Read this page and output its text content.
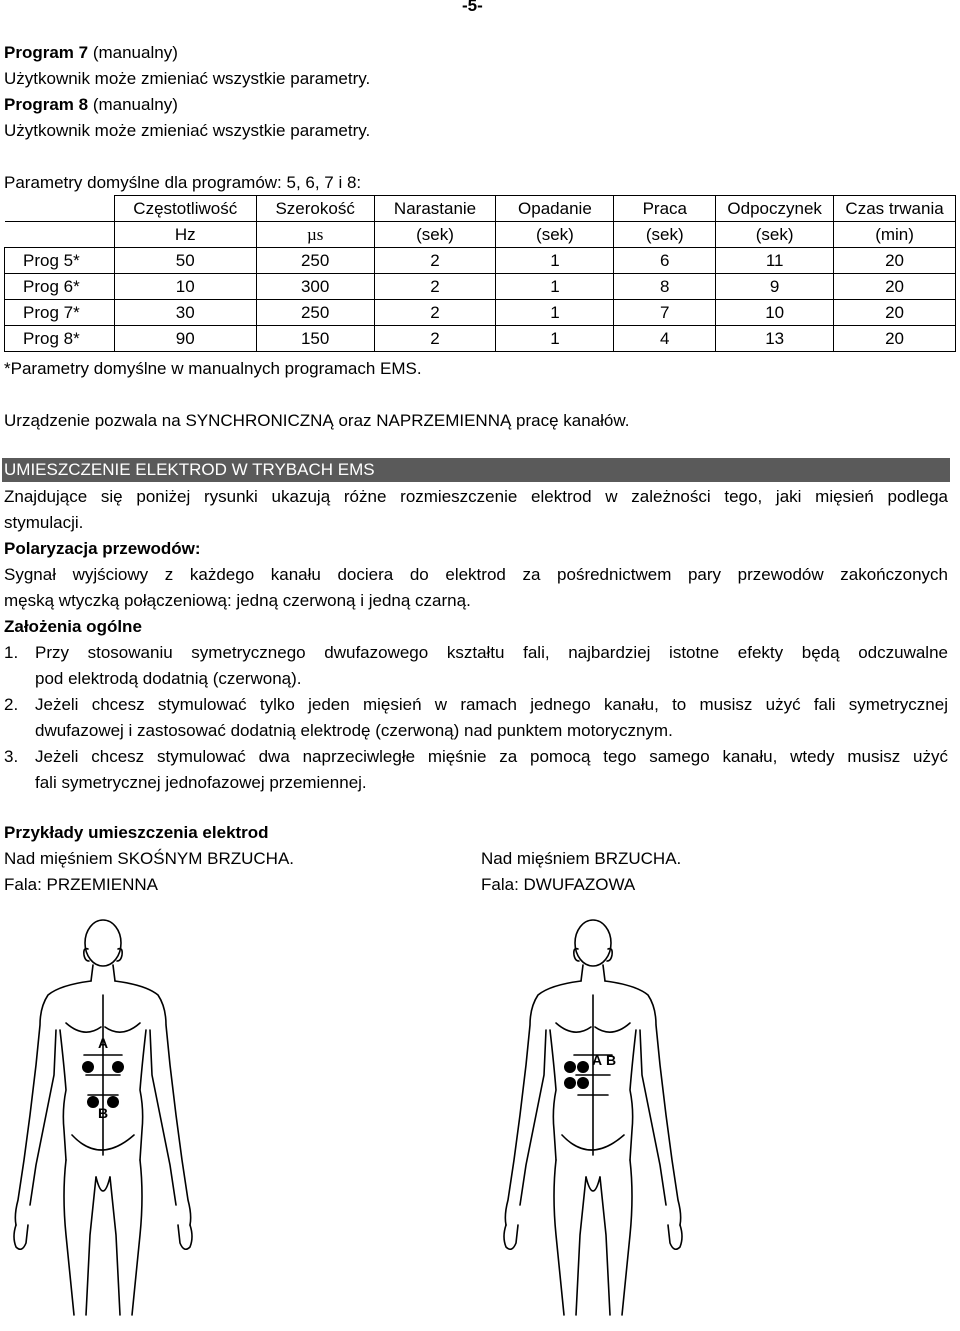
-5-
Program 7 (manualny)
Użytkownik może zmieniać wszystkie parametry.
Program 8 (manualny)
Użytkownik może zmieniać wszystkie parametry.
Parametry domyślne dla programów: 5, 6, 7 i 8:
	Częstotliwość	Szerokość	Narastanie	Opadanie	Praca	Odpoczynek	Czas trwania
	Hz	µs	(sek)	(sek)	(sek)	(sek)	(min)
Prog 5*	50	250	2	1	6	11	20
Prog 6*	10	300	2	1	8	9	20
Prog 7*	30	250	2	1	7	10	20
Prog 8*	90	150	2	1	4	13	20
*Parametry domyślne w manualnych programach EMS.
Urządzenie pozwala na SYNCHRONICZNĄ oraz NAPRZEMIENNĄ pracę kanałów.
UMIESZCZENIE ELEKTROD W TRYBACH EMS
Znajdujące się poniżej rysunki ukazują różne rozmieszczenie elektrod w zależności tego, jaki mięsień podlega
stymulacji.
Polaryzacja przewodów:
Sygnał wyjściowy z każdego kanału dociera do elektrod za pośrednictwem pary przewodów zakończonych
męską wtyczką połączeniową: jedną czerwoną i jedną czarną.
Założenia ogólne
1. Przy stosowaniu symetrycznego dwufazowego kształtu fali, najbardziej istotne efekty będą odczuwalne
pod elektrodą dodatnią (czerwoną).
2. Jeżeli chcesz stymulować tylko jeden mięsień w ramach jednego kanału, to musisz użyć fali symetrycznej
dwufazowej i zastosować dodatnią elektrodę (czerwoną) nad punktem motorycznym.
3. Jeżeli chcesz stymulować dwa naprzeciwległe mięśnie za pomocą tego samego kanału, wtedy musisz użyć
fali symetrycznej jednofazowej przemiennej.
Przykłady umieszczenia elektrod
Nad mięśniem SKOŚNYM BRZUCHA.
Fala: PRZEMIENNA
Nad mięśniem BRZUCHA.
Fala: DWUFAZOWA
A
B
A B
